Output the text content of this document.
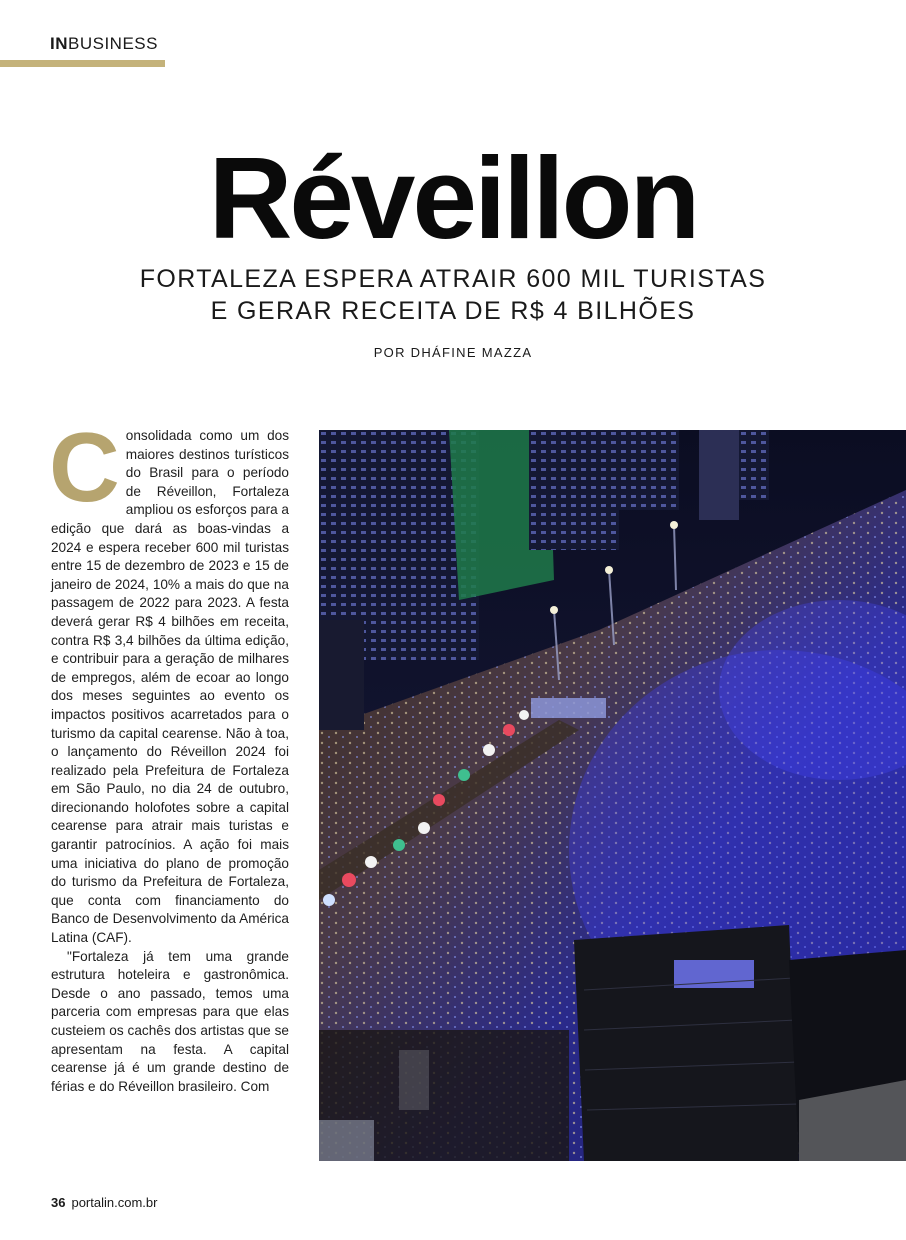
INBUSINESS
Réveillon
FORTALEZA ESPERA ATRAIR 600 MIL TURISTAS
E GERAR RECEITA DE R$ 4 BILHÕES
POR DHÁFINE MAZZA

Consolidada como um dos maiores destinos turísticos do Brasil para o período de Réveillon, Fortaleza ampliou os esforços para a edição que dará as boas-vindas a 2024 e espera receber 600 mil turistas entre 15 de dezembro de 2023 e 15 de janeiro de 2024, 10% a mais do que na passagem de 2022 para 2023. A festa deverá gerar R$ 4 bilhões em receita, contra R$ 3,4 bilhões da última edição, e contribuir para a geração de milhares de empregos, além de ecoar ao longo dos meses seguintes ao evento os impactos positivos acarretados para o turismo da capital cearense. Não à toa, o lançamento do Réveillon 2024 foi realizado pela Prefeitura de Fortaleza em São Paulo, no dia 24 de outubro, direcionando holofotes sobre a capital cearense para atrair mais turistas e garantir patrocínios. A ação foi mais uma iniciativa do plano de promoção do turismo da Prefeitura de Fortaleza, que conta com financiamento do Banco de Desenvolvimento da América Latina (CAF).

"Fortaleza já tem uma grande estrutura hoteleira e gastronômica. Desde o ano passado, temos uma parceria com empresas para que elas custeiem os cachês dos artistas que se apresentam na festa. A capital cearense já é um grande destino de férias e do Réveillon brasileiro. Com

36 portalin.com.br
